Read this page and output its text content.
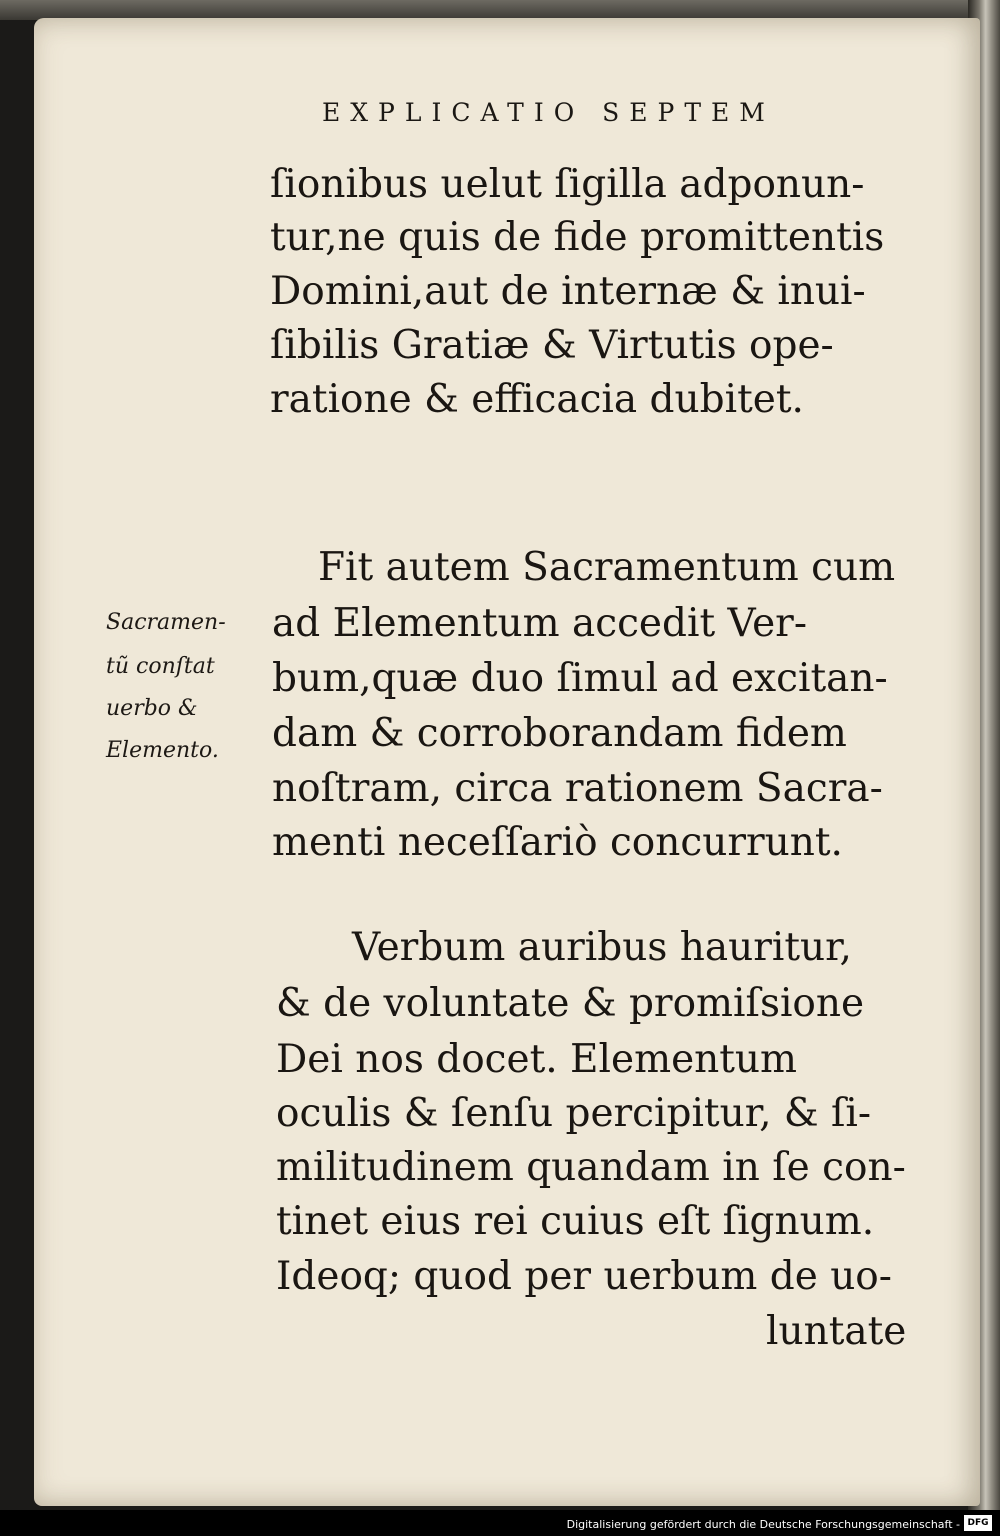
EXPLICATIO SEPTEM
ſionibus uelut ſigilla adponun-
tur,ne quis de fide promittentis
Domini,aut de internæ & inui-
ſibilis Gratiæ & Virtutis ope-
ratione & efficacia dubitet.
Fit autem Sacramentum cum
ad Elementum accedit Ver-
bum,quæ duo ſimul ad excitan-
dam & corroborandam fidem
noſtram, circa rationem Sacra-
menti neceſſariò concurrunt.
Sacramen-
tũ conſtat
uerbo &
Elemento.
Verbum auribus hauritur,
& de voluntate & promiſsione
Dei nos docet. Elementum
oculis & ſenſu percipitur, & ſi-
militudinem quandam in ſe con-
tinet eius rei cuius eſt ſignum.
Ideoq; quod per uerbum de uo-
luntate
Digitalisierung gefördert durch die Deutsche Forschungsgemeinschaft - DFG
